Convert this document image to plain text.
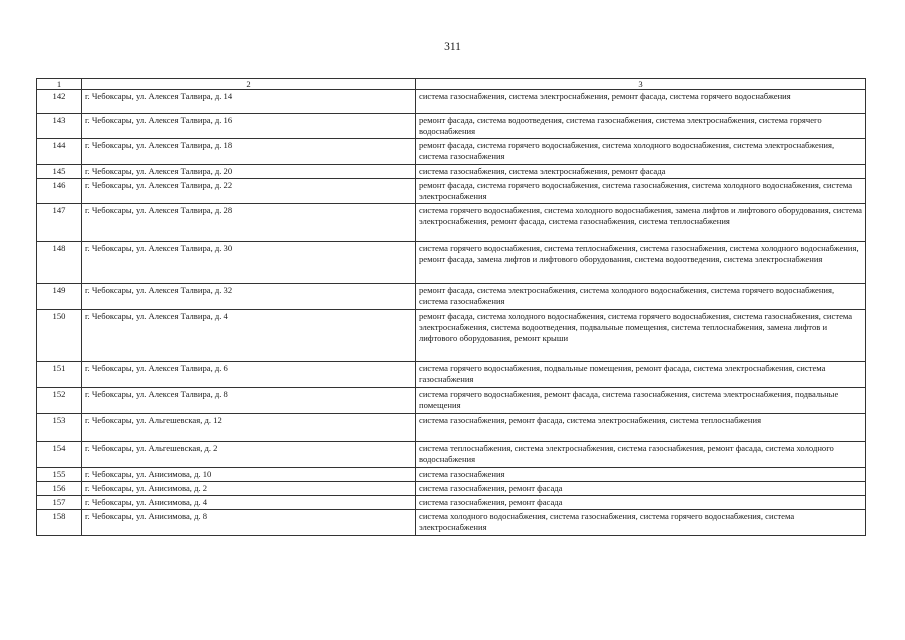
311
1	2	3
142	г. Чебоксары, ул. Алексея Талвира, д. 14	система газоснабжения, система электроснабжения, ремонт фасада, система горячего водоснабжения
143	г. Чебоксары, ул. Алексея Талвира, д. 16	ремонт фасада, система водоотведения, система газоснабжения, система электроснабжения, система горячего водоснабжения
144	г. Чебоксары, ул. Алексея Талвира, д. 18	ремонт фасада, система горячего водоснабжения, система холодного водоснабжения, система электроснабжения, система газоснабжения
145	г. Чебоксары, ул. Алексея Талвира, д. 20	система газоснабжения, система электроснабжения, ремонт фасада
146	г. Чебоксары, ул. Алексея Талвира, д. 22	ремонт фасада, система горячего водоснабжения, система газоснабжения, система холодного водоснабжения, система электроснабжения
147	г. Чебоксары, ул. Алексея Талвира, д. 28	система горячего водоснабжения, система холодного водоснабжения, замена лифтов и лифтового оборудования, система электроснабжения, ремонт фасада, система газоснабжения, система теплоснабжения
148	г. Чебоксары, ул. Алексея Талвира, д. 30	система горячего водоснабжения, система теплоснабжения, система газоснабжения, система холодного водоснабжения, ремонт фасада, замена лифтов и лифтового оборудования, система водоотведения, система электроснабжения
149	г. Чебоксары, ул. Алексея Талвира, д. 32	ремонт фасада, система электроснабжения, система холодного водоснабжения, система горячего водоснабжения, система газоснабжения
150	г. Чебоксары, ул. Алексея Талвира, д. 4	ремонт фасада, система холодного водоснабжения, система горячего водоснабжения, система газоснабжения, система электроснабжения, система водоотведения, подвальные помещения, система теплоснабжения, замена лифтов и лифтового оборудования, ремонт крыши
151	г. Чебоксары, ул. Алексея Талвира, д. 6	система горячего водоснабжения, подвальные помещения, ремонт фасада, система электроснабжения, система газоснабжения
152	г. Чебоксары, ул. Алексея Талвира, д. 8	система горячего водоснабжения, ремонт фасада, система газоснабжения, система электроснабжения, подвальные помещения
153	г. Чебоксары, ул. Альгешевская, д. 12	система газоснабжения, ремонт фасада, система электроснабжения, система теплоснабжения
154	г. Чебоксары, ул. Альгешевская, д. 2	система теплоснабжения, система электроснабжения, система газоснабжения, ремонт фасада, система холодного водоснабжения
155	г. Чебоксары, ул. Анисимова, д. 10	система газоснабжения
156	г. Чебоксары, ул. Анисимова, д. 2	система газоснабжения, ремонт фасада
157	г. Чебоксары, ул. Анисимова, д. 4	система газоснабжения, ремонт фасада
158	г. Чебоксары, ул. Анисимова, д. 8	система холодного водоснабжения, система газоснабжения, система горячего водоснабжения, система электроснабжения
